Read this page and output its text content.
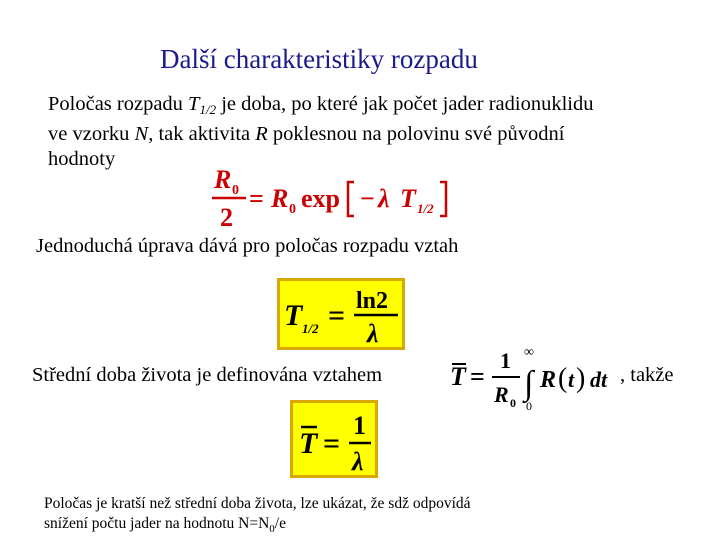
Další charakteristiky rozpadu
Poločas rozpadu $T_{1/2}$ je doba, po které jak počet jader radionuklidu
ve vzorku N, tak aktivita R poklesnou na polovinu své původní
hodnoty
R 0
2
= R 0 exp − λ T 1/2
Jednoduchá úprava dává pro poločas rozpadu vztah
T 1/2 = ln2
λ
Střední doba života je definována vztahem	T =
1
R 0
∫
∞
0
R ( t ) dt , takže
T =
1
λ
Poločas je kratší než střední doba života, lze ukázat, že sdž odpovídá
snížení počtu jader na hodnotu $N=N_0/e$
